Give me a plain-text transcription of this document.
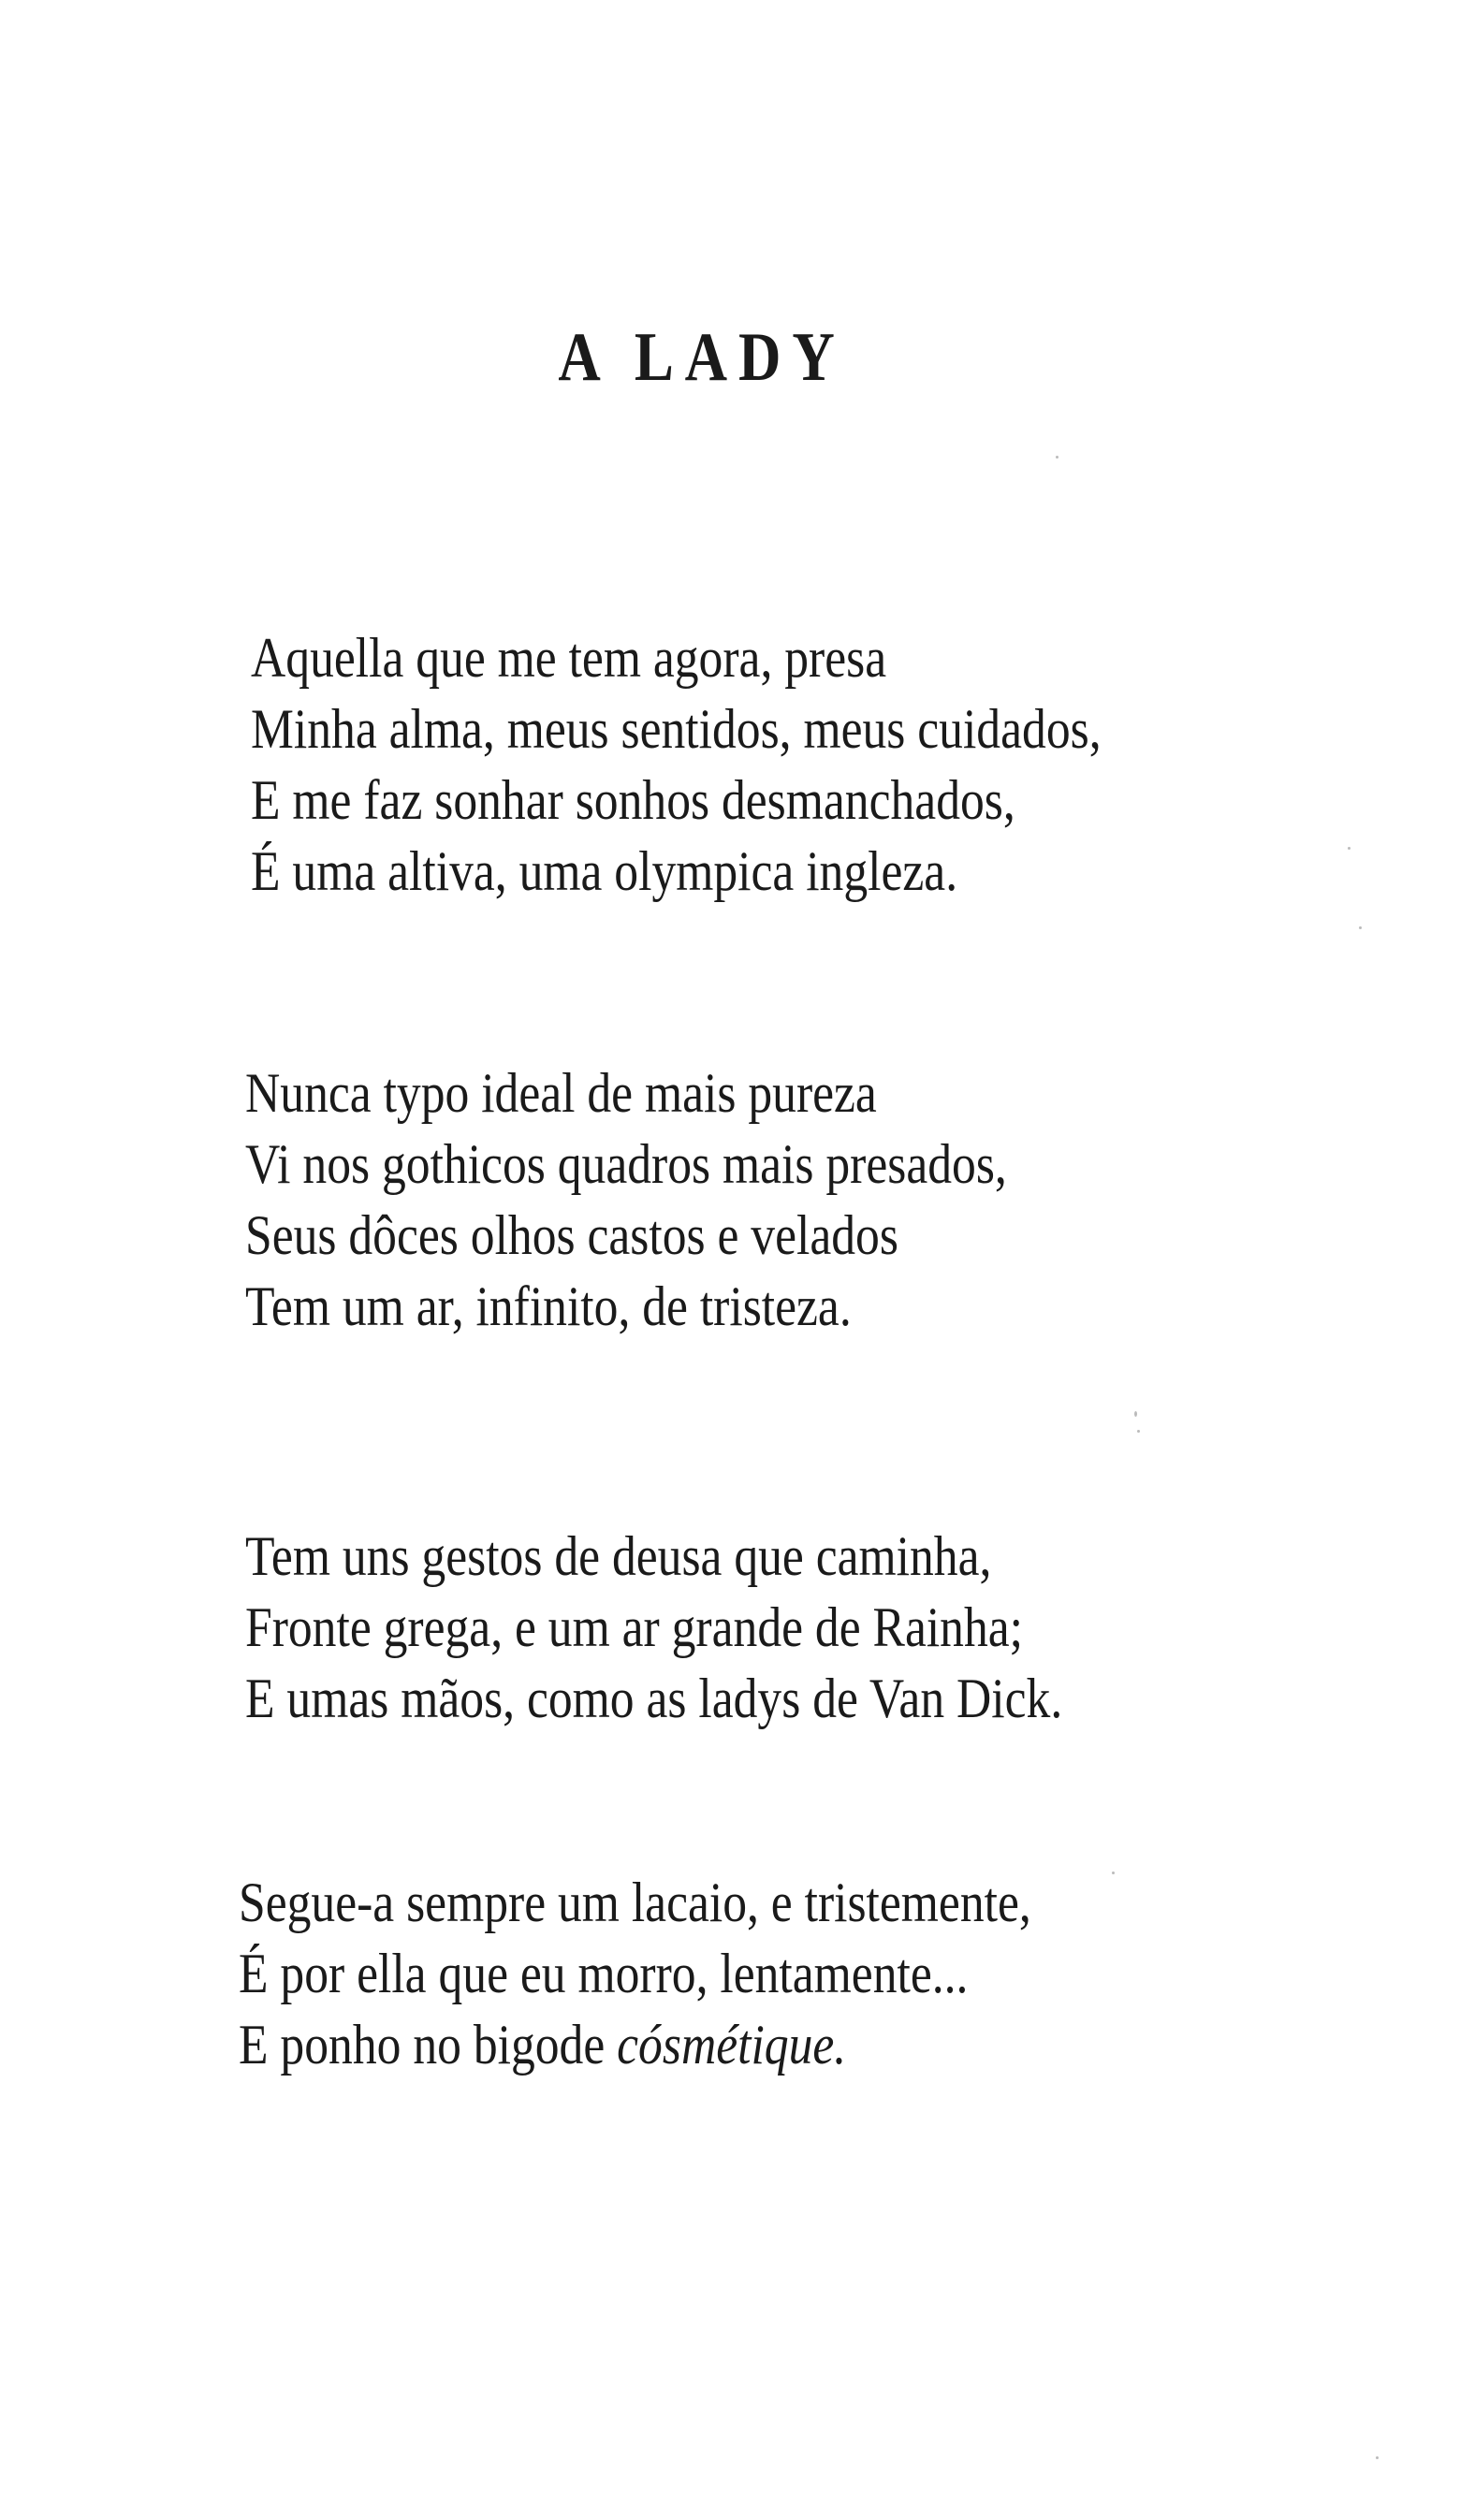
A LADY
Aquella que me tem agora, presa
Minha alma, meus sentidos, meus cuidados,
E me faz sonhar sonhos desmanchados,
É uma altiva, uma olympica ingleza.
Nunca typo ideal de mais pureza
Vi nos gothicos quadros mais presados,
Seus dôces olhos castos e velados
Tem um ar, infinito, de tristeza.
Tem uns gestos de deusa que caminha,
Fronte grega, e um ar grande de Rainha;
E umas mãos, como as ladys de Van Dick.
Segue-a sempre um lacaio, e tristemente,
É por ella que eu morro, lentamente...
E ponho no bigode cósmétique.
